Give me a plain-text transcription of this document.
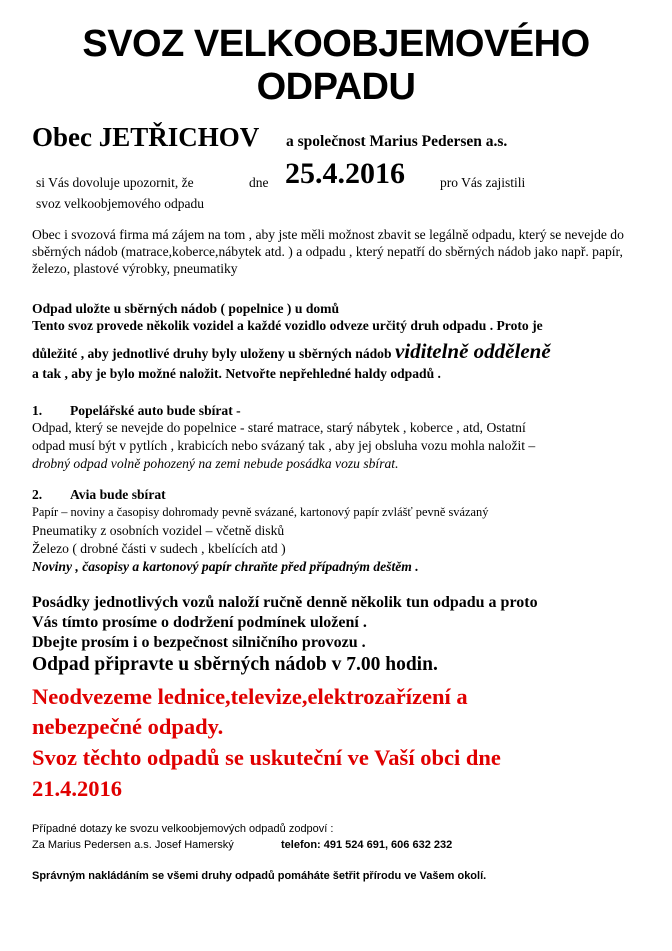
SVOZ VELKOOBJEMOVÉHO
ODPADU
Obec JETŘICHOV a společnost Marius Pedersen a.s.
si Vás dovoluje upozornit, že	dne 25.4.2016	pro Vás zajistili
svoz velkoobjemového odpadu
Obec i svozová firma má zájem na tom , aby jste měli možnost zbavit se legálně odpadu, který se nevejde do sběrných nádob (matrace,koberce,nábytek atd. ) a odpadu , který nepatří do sběrných nádob jako např. papír, železo, plastové výrobky, pneumatiky
Odpad uložte u sběrných nádob ( popelnice ) u domů
Tento svoz provede několik vozidel a každé vozidlo odveze určitý druh odpadu . Proto je
důležité , aby jednotlivé druhy byly uloženy u sběrných nádob viditelně odděleně
a tak , aby je bylo možné naložit. Netvořte nepřehledné haldy odpadů .
1. Popelářské auto bude sbírat -
Odpad, který se nevejde do popelnice - staré matrace, starý nábytek , koberce , atd, Ostatní
odpad musí být v pytlích , krabicích nebo svázaný tak , aby jej obsluha vozu mohla naložit –
drobný odpad volně pohozený na zemi nebude posádka vozu sbírat.
2. Avia bude sbírat
Papír – noviny a časopisy dohromady pevně svázané, kartonový papír zvlášť pevně svázaný
Pneumatiky z osobních vozidel – včetně disků
Železo ( drobné části v sudech , kbelících atd )
Noviny , časopisy a kartonový papír chraňte před případným deštěm .
Posádky jednotlivých vozů naloží ručně denně několik tun odpadu a proto
Vás tímto prosíme o dodržení podmínek uložení .
Dbejte prosím i o bezpečnost silničního provozu .
Odpad připravte u sběrných nádob v 7.00 hodin.
Neodvezeme lednice,televize,elektrozařízení a
nebezpečné odpady.
Svoz těchto odpadů se uskuteční ve Vaší obci dne
21.4.2016
Případné dotazy ke svozu velkoobjemových odpadů zodpoví :
Za Marius Pedersen a.s. Josef Hamerský	telefon: 491 524 691, 606 632 232
Správným nakládáním se všemi druhy odpadů pomáháte šetřit přírodu ve Vašem okolí.
